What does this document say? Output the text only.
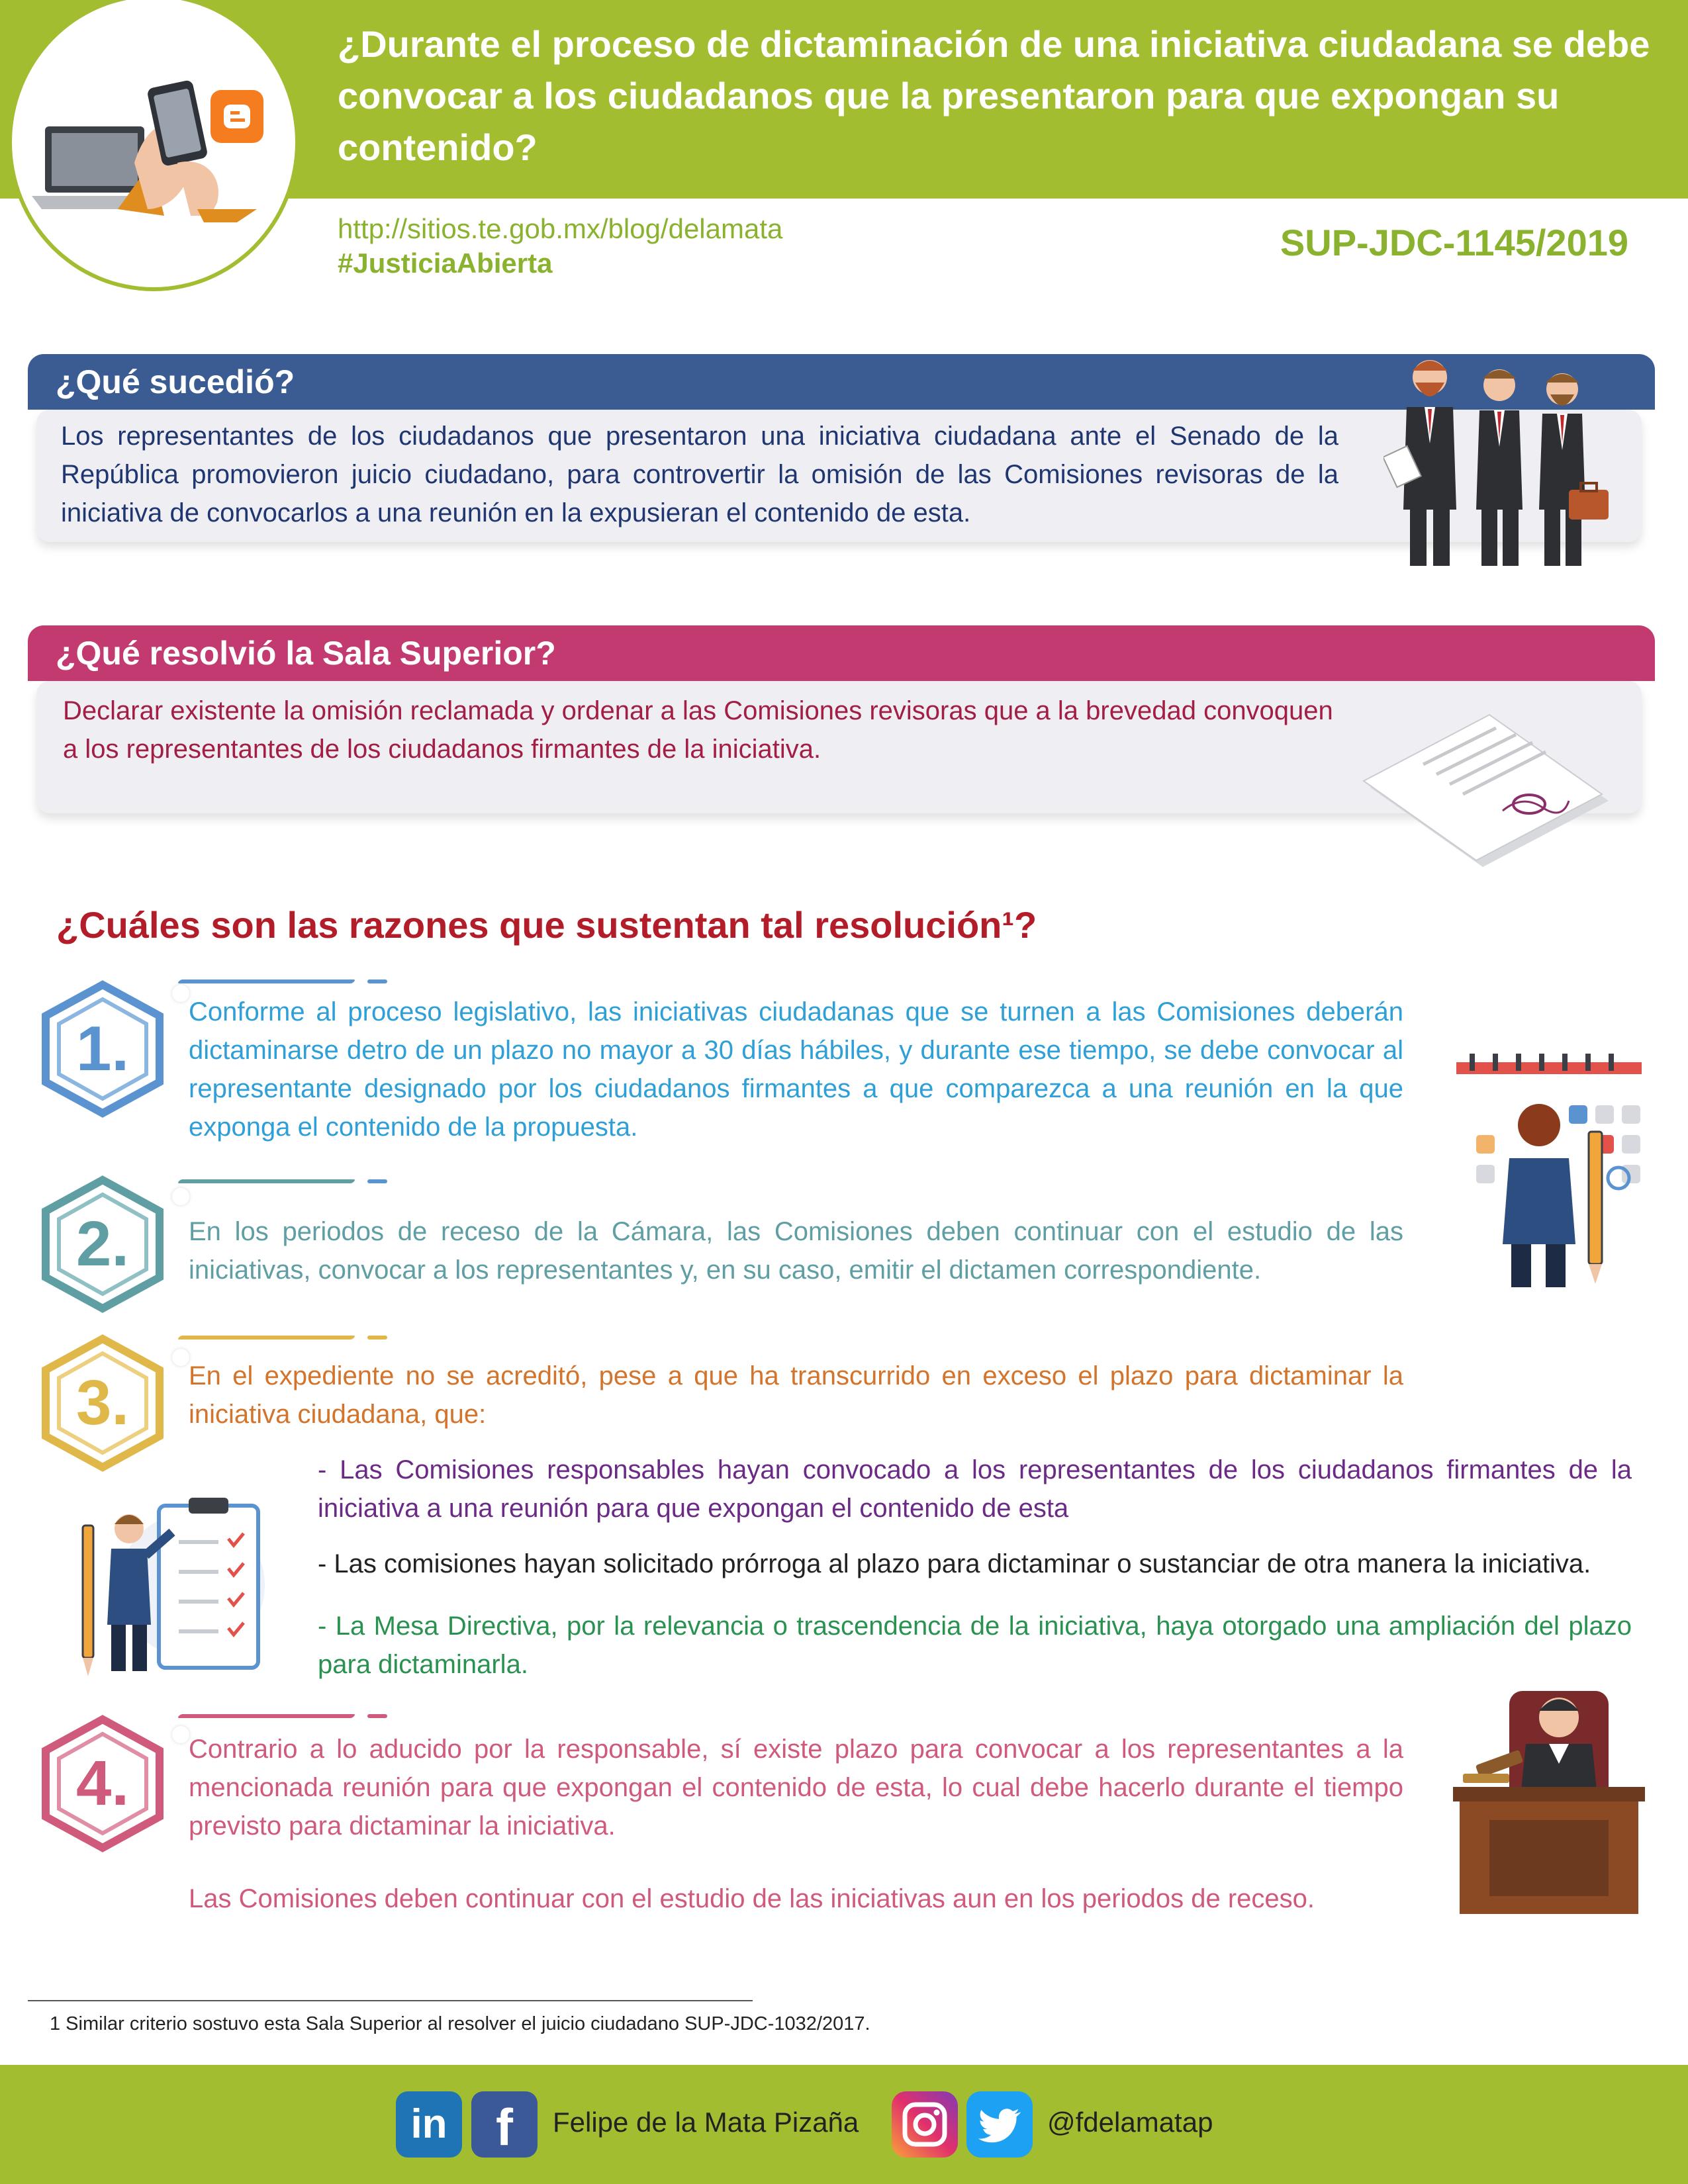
¿Durante el proceso de dictaminación de una iniciativa ciudadana se debe convocar a los ciudadanos que la presentaron para que expongan su contenido?
http://sitios.te.gob.mx/blog/delamata
#JusticiaAbierta	SUP-JDC-1145/2019
¿Qué sucedió?
Los representantes de los ciudadanos que presentaron una iniciativa ciudadana ante el Senado de la República promovieron juicio ciudadano, para controvertir la omisión de las Comisiones revisoras de la iniciativa de convocarlos a una reunión en la expusieran el contenido de esta.
¿Qué resolvió la Sala Superior?
Declarar existente la omisión reclamada y ordenar a las Comisiones revisoras que a la brevedad convoquen a los representantes de los ciudadanos firmantes de la iniciativa.
¿Cuáles son las razones que sustentan tal resolución¹?
1.
Conforme al proceso legislativo, las iniciativas ciudadanas que se turnen a las Comisiones deberán dictaminarse detro de un plazo no mayor a 30 días hábiles, y durante ese tiempo, se debe convocar al representante designado por los ciudadanos firmantes a que comparezca a una reunión en la que exponga el contenido de la propuesta.
2.	En los periodos de receso de la Cámara, las Comisiones deben continuar con el estudio de las iniciativas, convocar a los representantes y, en su caso, emitir el dictamen correspondiente.
3.	En el expediente no se acreditó, pese a que ha transcurrido en exceso el plazo para dictaminar la iniciativa ciudadana, que:
- Las Comisiones responsables hayan convocado a los representantes de los ciudadanos firmantes de la iniciativa a una reunión para que expongan el contenido de esta
- Las comisiones hayan solicitado prórroga al plazo para dictaminar o sustanciar de otra manera la iniciativa.
- La Mesa Directiva, por la relevancia o trascendencia de la iniciativa, haya otorgado una ampliación del plazo para dictaminarla.
4.	Contrario a lo aducido por la responsable, sí existe plazo para convocar a los representantes a la mencionada reunión para que expongan el contenido de esta, lo cual debe hacerlo durante el tiempo previsto para dictaminar la iniciativa.
Las Comisiones deben continuar con el estudio de las iniciativas aun en los periodos de receso.
1 Similar criterio sostuvo esta Sala Superior al resolver el juicio ciudadano SUP-JDC-1032/2017.
in f	Felipe de la Mata Pizaña	@fdelamatap
